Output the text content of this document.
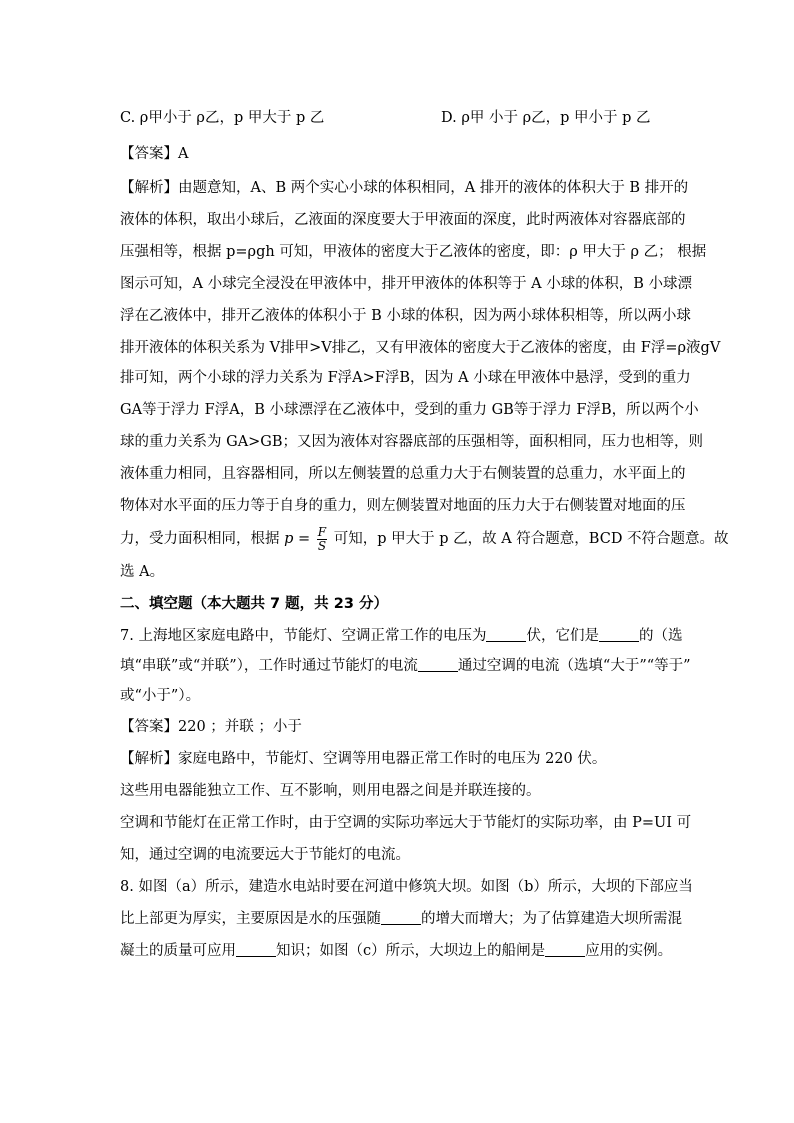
C. ρ甲小于 ρ乙，p 甲大于 p 乙	D. ρ甲 小于 ρ乙，p 甲小于 p 乙
【答案】A
【解析】由题意知，A、B 两个实心小球的体积相同，A 排开的液体的体积大于 B 排开的
液体的体积，取出小球后，乙液面的深度要大于甲液面的深度，此时两液体对容器底部的
压强相等，根据 p=ρgh 可知，甲液体的密度大于乙液体的密度，即：ρ 甲大于 ρ 乙； 根据
图示可知，A 小球完全浸没在甲液体中，排开甲液体的体积等于 A 小球的体积，B 小球漂
浮在乙液体中，排开乙液体的体积小于 B 小球的体积，因为两小球体积相等，所以两小球
排开液体的体积关系为 V排甲>V排乙，又有甲液体的密度大于乙液体的密度，由 F浮=ρ液gV
排可知，两个小球的浮力关系为 F浮A>F浮B，因为 A 小球在甲液体中悬浮，受到的重力
GA等于浮力 F浮A，B 小球漂浮在乙液体中，受到的重力 GB等于浮力 F浮B，所以两个小
球的重力关系为 GA>GB；又因为液体对容器底部的压强相等，面积相同，压力也相等，则
液体重力相同，且容器相同，所以左侧装置的总重力大于右侧装置的总重力，水平面上的
物体对水平面的压力等于自身的重力，则左侧装置对地面的压力大于右侧装置对地面的压
力，受力面积相同，根据 $p = \frac{F}{S}$ 可知，p 甲大于 p 乙，故 A 符合题意，BCD 不符合题意。故
选 A。
二、填空题（本大题共 7 题，共 23 分）
7. 上海地区家庭电路中，节能灯、空调正常工作的电压为	伏，它们是	的（选
填“串联”或“并联”），工作时通过节能灯的电流	通过空调的电流（选填“大于”“等于”
或“小于”）。
【答案】220 ；并联 ；小于
【解析】家庭电路中，节能灯、空调等用电器正常工作时的电压为 220 伏。
这些用电器能独立工作、互不影响，则用电器之间是并联连接的。
空调和节能灯在正常工作时，由于空调的实际功率远大于节能灯的实际功率，由 P=UI 可
知，通过空调的电流要远大于节能灯的电流。
8. 如图（a）所示，建造水电站时要在河道中修筑大坝。如图（b）所示，大坝的下部应当
比上部更为厚实，主要原因是水的压强随	的增大而增大；为了估算建造大坝所需混
凝土的质量可应用	知识；如图（c）所示，大坝边上的船闸是	应用的实例。
